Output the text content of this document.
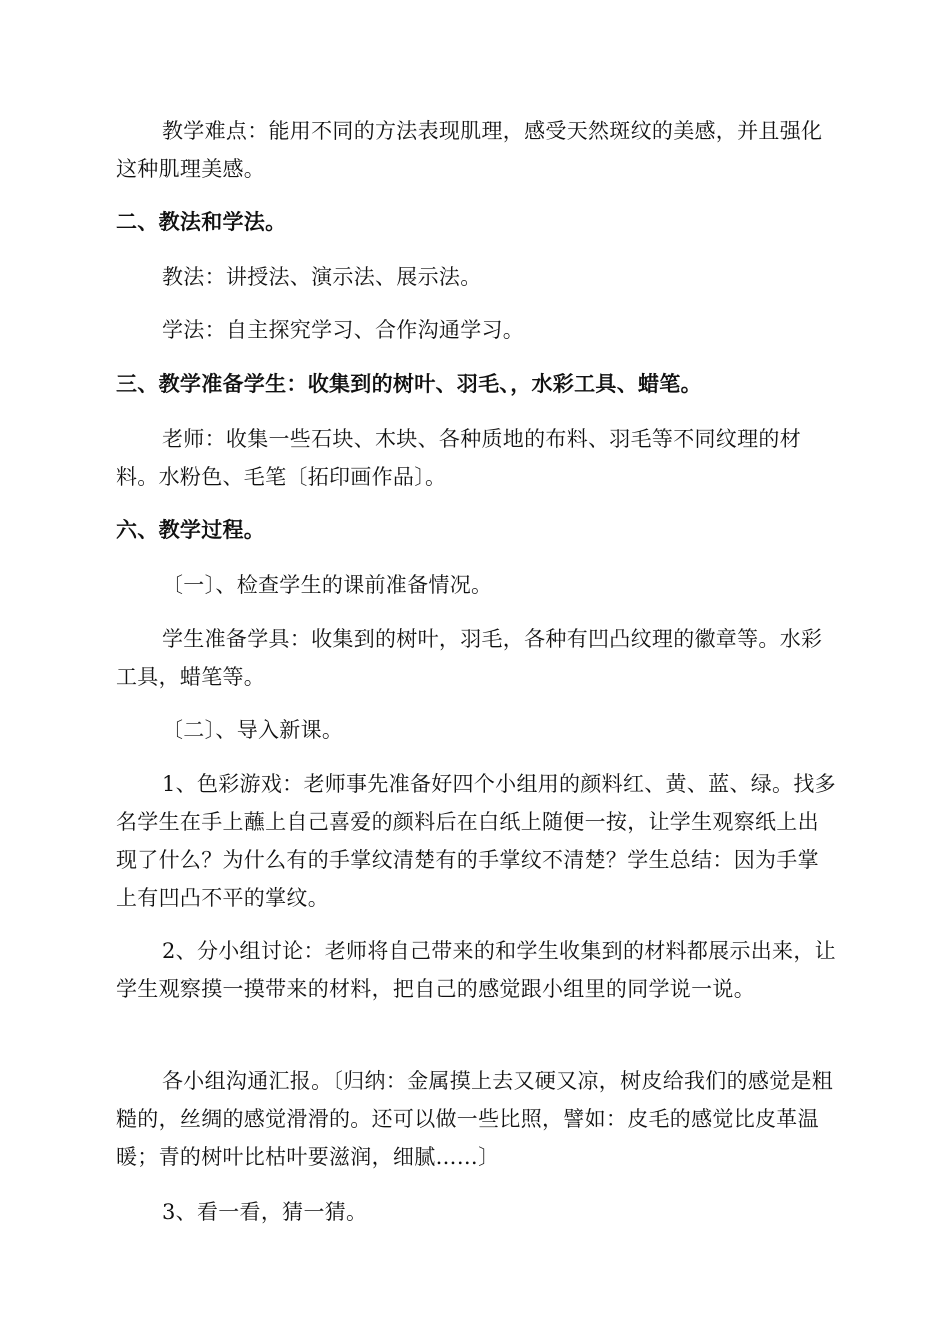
教学难点：能用不同的方法表现肌理，感受天然斑纹的美感，并且强化这种肌理美感。

二、教法和学法。

教法：讲授法、演示法、展示法。

学法：自主探究学习、合作沟通学习。

三、教学准备学生：收集到的树叶、羽毛、，水彩工具、蜡笔。

老师：收集一些石块、木块、各种质地的布料、羽毛等不同纹理的材料。水粉色、毛笔〔拓印画作品〕。

六、教学过程。

〔一〕、检查学生的课前准备情况。

学生准备学具：收集到的树叶，羽毛，各种有凹凸纹理的徽章等。水彩工具，蜡笔等。

〔二〕、导入新课。

1、色彩游戏：老师事先准备好四个小组用的颜料红、黄、蓝、绿。找多名学生在手上蘸上自己喜爱的颜料后在白纸上随便一按，让学生观察纸上出现了什么？为什么有的手掌纹清楚有的手掌纹不清楚？学生总结：因为手掌上有凹凸不平的掌纹。

2、分小组讨论：老师将自己带来的和学生收集到的材料都展示出来，让学生观察摸一摸带来的材料，把自己的感觉跟小组里的同学说一说。

各小组沟通汇报。〔归纳：金属摸上去又硬又凉，树皮给我们的感觉是粗糙的，丝绸的感觉滑滑的。还可以做一些比照，譬如：皮毛的感觉比皮革温暖；青的树叶比枯叶要滋润，细腻……〕

3、看一看，猜一猜。
